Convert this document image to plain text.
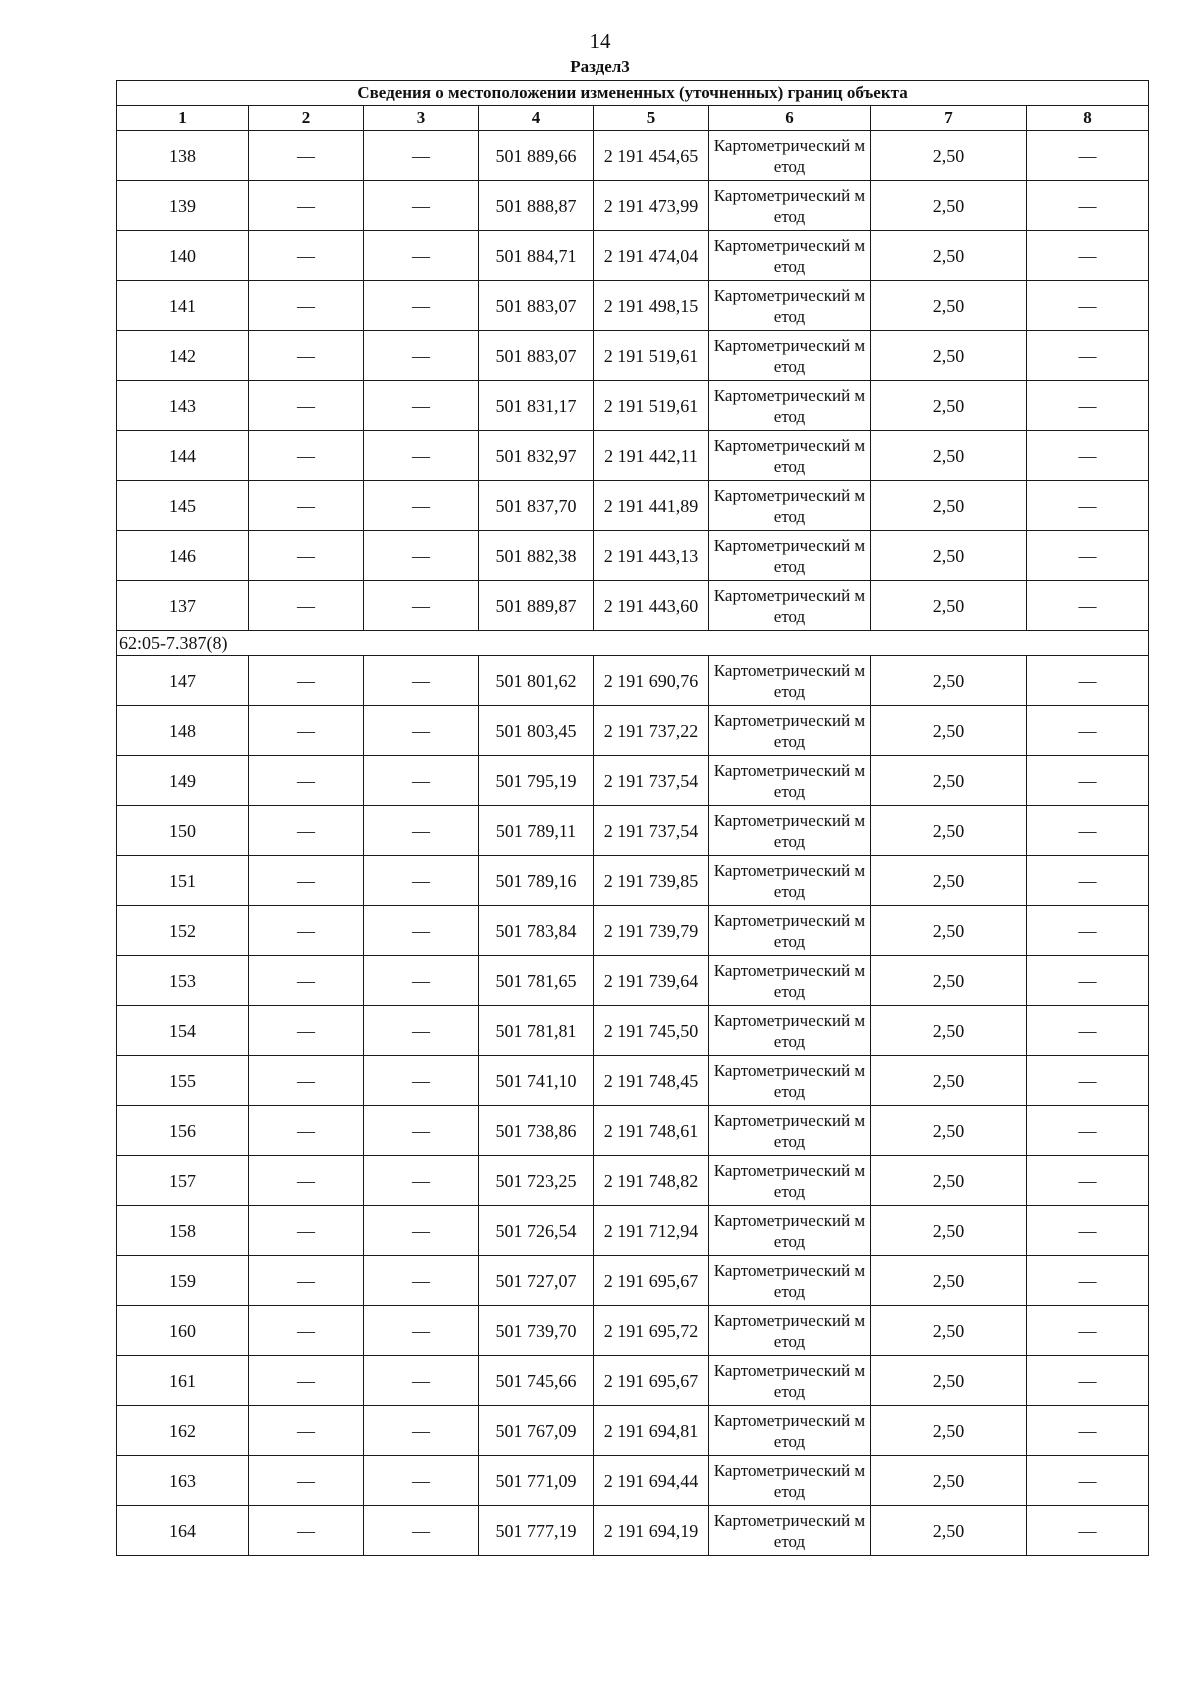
14
Раздел3
Сведения о местоположении измененных (уточненных) границ объекта							
1	2	3	4	5	6	7	8
138	—	—	501 889,66	2 191 454,65	Картометрический метод	2,50	—
139	—	—	501 888,87	2 191 473,99	Картометрический метод	2,50	—
140	—	—	501 884,71	2 191 474,04	Картометрический метод	2,50	—
141	—	—	501 883,07	2 191 498,15	Картометрический метод	2,50	—
142	—	—	501 883,07	2 191 519,61	Картометрический метод	2,50	—
143	—	—	501 831,17	2 191 519,61	Картометрический метод	2,50	—
144	—	—	501 832,97	2 191 442,11	Картометрический метод	2,50	—
145	—	—	501 837,70	2 191 441,89	Картометрический метод	2,50	—
146	—	—	501 882,38	2 191 443,13	Картометрический метод	2,50	—
137	—	—	501 889,87	2 191 443,60	Картометрический метод	2,50	—
62:05-7.387(8)							
147	—	—	501 801,62	2 191 690,76	Картометрический метод	2,50	—
148	—	—	501 803,45	2 191 737,22	Картометрический метод	2,50	—
149	—	—	501 795,19	2 191 737,54	Картометрический метод	2,50	—
150	—	—	501 789,11	2 191 737,54	Картометрический метод	2,50	—
151	—	—	501 789,16	2 191 739,85	Картометрический метод	2,50	—
152	—	—	501 783,84	2 191 739,79	Картометрический метод	2,50	—
153	—	—	501 781,65	2 191 739,64	Картометрический метод	2,50	—
154	—	—	501 781,81	2 191 745,50	Картометрический метод	2,50	—
155	—	—	501 741,10	2 191 748,45	Картометрический метод	2,50	—
156	—	—	501 738,86	2 191 748,61	Картометрический метод	2,50	—
157	—	—	501 723,25	2 191 748,82	Картометрический метод	2,50	—
158	—	—	501 726,54	2 191 712,94	Картометрический метод	2,50	—
159	—	—	501 727,07	2 191 695,67	Картометрический метод	2,50	—
160	—	—	501 739,70	2 191 695,72	Картометрический метод	2,50	—
161	—	—	501 745,66	2 191 695,67	Картометрический метод	2,50	—
162	—	—	501 767,09	2 191 694,81	Картометрический метод	2,50	—
163	—	—	501 771,09	2 191 694,44	Картометрический метод	2,50	—
164	—	—	501 777,19	2 191 694,19	Картометрический метод	2,50	—
